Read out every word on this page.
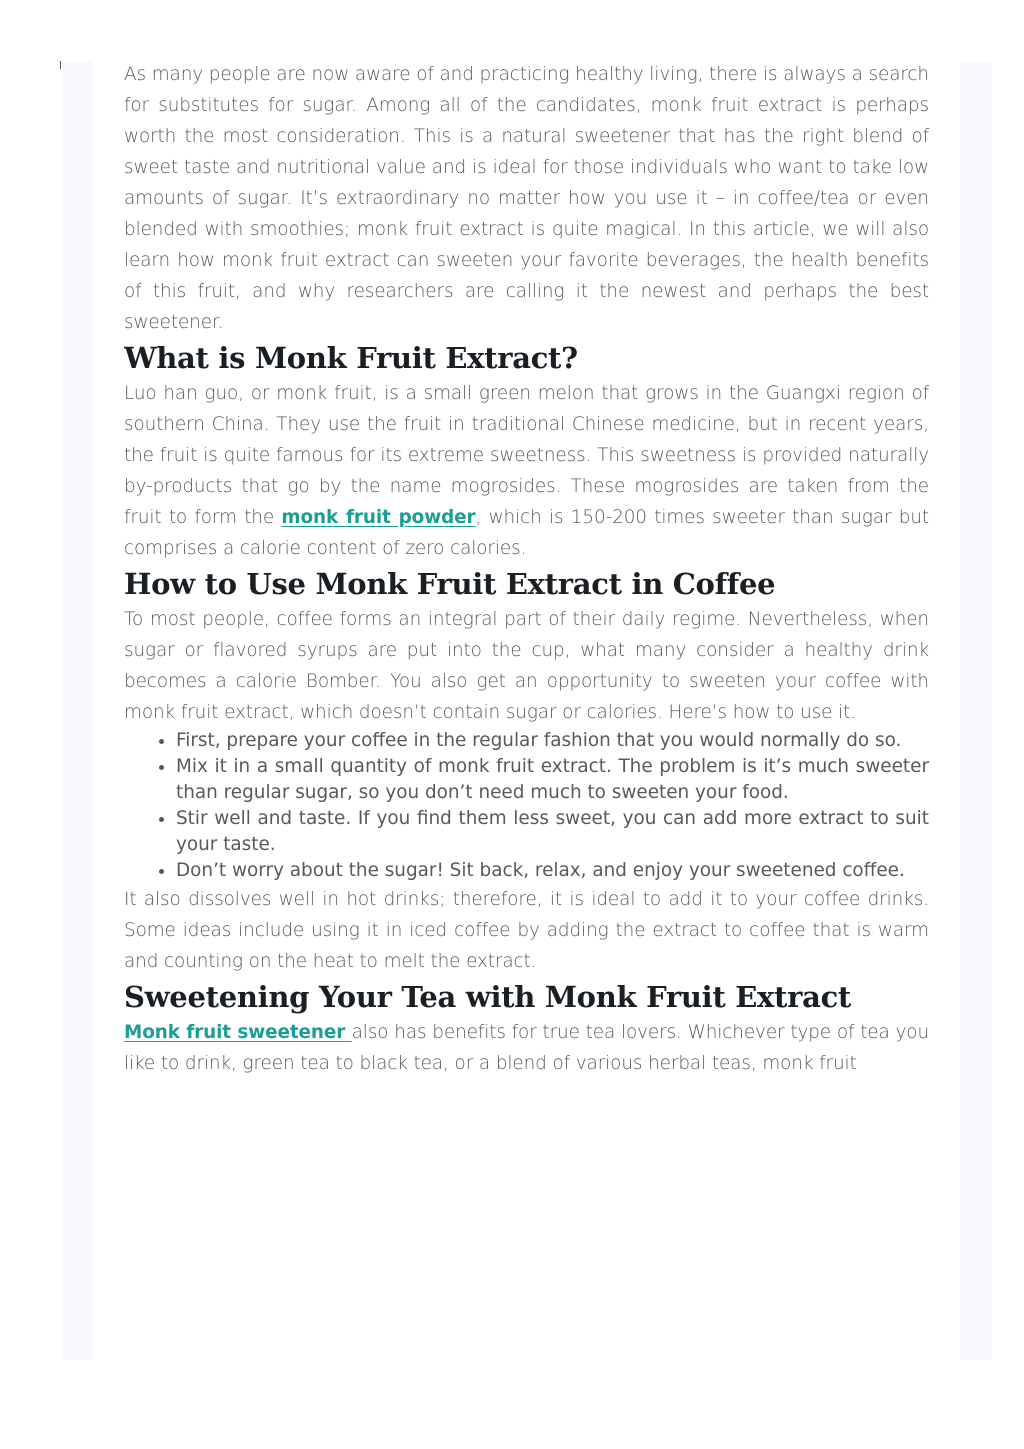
As many people are now aware of and practicing healthy living, there is always a search for substitutes for sugar. Among all of the candidates, monk fruit extract is perhaps worth the most consideration. This is a natural sweetener that has the right blend of sweet taste and nutritional value and is ideal for those individuals who want to take low amounts of sugar. It’s extraordinary no matter how you use it – in coffee/tea or even blended with smoothies; monk fruit extract is quite magical. In this article, we will also learn how monk fruit extract can sweeten your favorite beverages, the health benefits of this fruit, and why researchers are calling it the newest and perhaps the best sweetener.

What is Monk Fruit Extract?

Luo han guo, or monk fruit, is a small green melon that grows in the Guangxi region of southern China. They use the fruit in traditional Chinese medicine, but in recent years, the fruit is quite famous for its extreme sweetness. This sweetness is provided naturally by-products that go by the name mogrosides. These mogrosides are taken from the fruit to form the monk fruit powder, which is 150-200 times sweeter than sugar but comprises a calorie content of zero calories.

How to Use Monk Fruit Extract in Coffee

To most people, coffee forms an integral part of their daily regime. Nevertheless, when sugar or flavored syrups are put into the cup, what many consider a healthy drink becomes a calorie Bomber. You also get an opportunity to sweeten your coffee with monk fruit extract, which doesn’t contain sugar or calories. Here’s how to use it.

• First, prepare your coffee in the regular fashion that you would normally do so.
• Mix it in a small quantity of monk fruit extract. The problem is it’s much sweeter than regular sugar, so you don’t need much to sweeten your food.
• Stir well and taste. If you find them less sweet, you can add more extract to suit your taste.
• Don’t worry about the sugar! Sit back, relax, and enjoy your sweetened coffee.

It also dissolves well in hot drinks; therefore, it is ideal to add it to your coffee drinks. Some ideas include using it in iced coffee by adding the extract to coffee that is warm and counting on the heat to melt the extract.

Sweetening Your Tea with Monk Fruit Extract

Monk fruit sweetener also has benefits for true tea lovers. Whichever type of tea you like to drink, green tea to black tea, or a blend of various herbal teas, monk fruit
